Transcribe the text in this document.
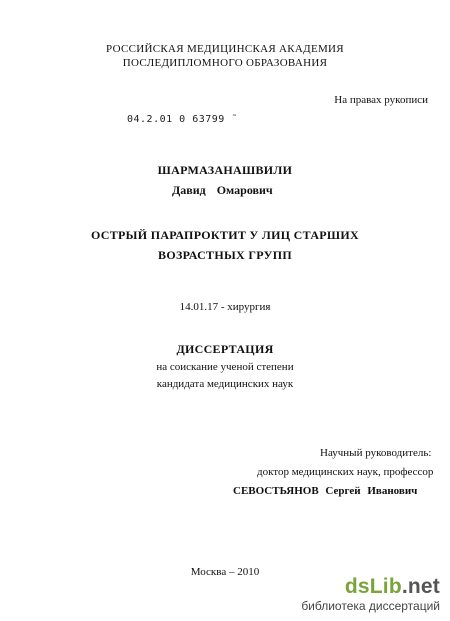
РОССИЙСКАЯ МЕДИЦИНСКАЯ АКАДЕМИЯ
ПОСЛЕДИПЛОМНОГО ОБРАЗОВАНИЯ
На правах рукописи
04.2.01 0 63799 ˜
ШАРМАЗАНАШВИЛИ
Давид Омарович
ОСТРЫЙ ПАРАПРОКТИТ У ЛИЦ СТАРШИХ
ВОЗРАСТНЫХ ГРУПП
14.01.17 - хирургия
ДИССЕРТАЦИЯ
на соискание ученой степени
кандидата медицинских наук
Научный руководитель:
доктор медицинских наук, профессор
СЕВОСТЬЯНОВ Сергей Иванович
Москва – 2010
dsLib.net
библиотека диссертаций
